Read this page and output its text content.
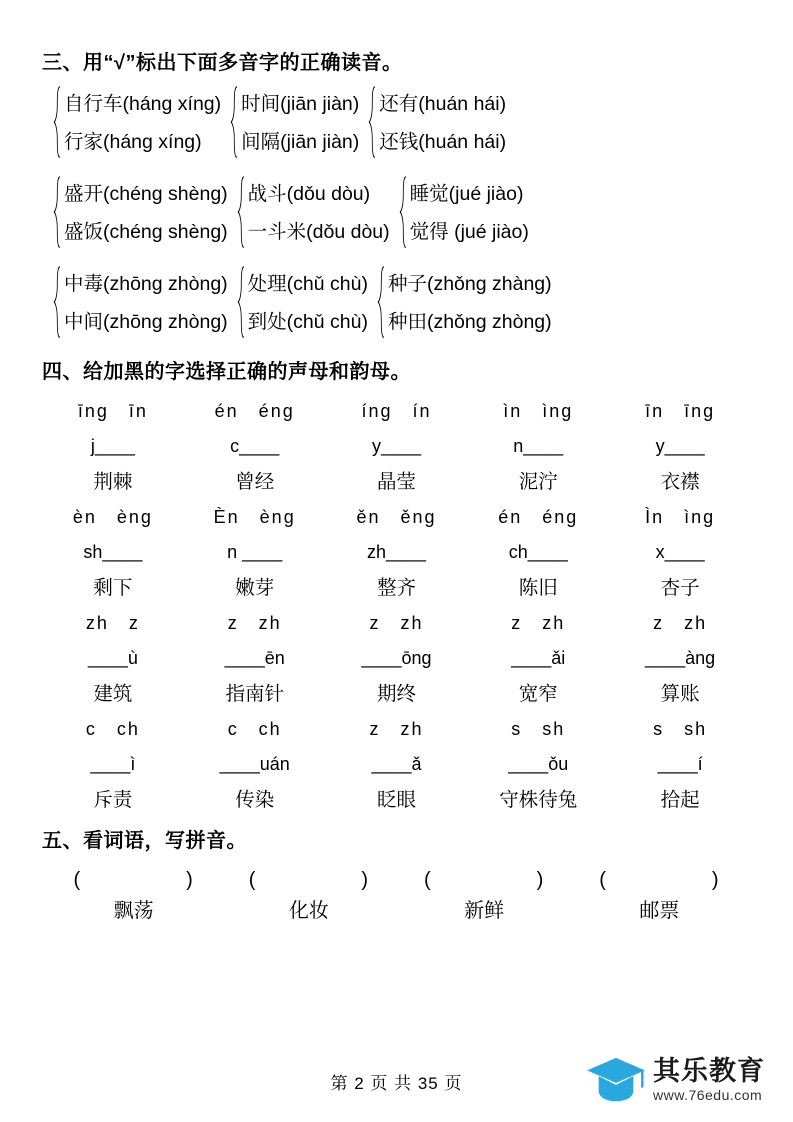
三、用“√”标出下面多音字的正确读音。
自行车(háng xíng)
行家(háng xíng)
时间(jiān jiàn)
间隔(jiān jiàn)
还有(huán hái)
还钱(huán hái)
盛开(chéng shèng)
盛饭(chéng shèng)
战斗(dǒu dòu)
一斗米(dǒu dòu)
睡觉(jué jiào)
觉得 (jué jiào)
中毒(zhōng zhòng)
中间(zhōng zhòng)
处理(chǔ chù)
到处(chǔ chù)
种子(zhǒng zhàng)
种田(zhǒng zhòng)
四、给加黑的字选择正确的声母和韵母。
īng　īn	én　éng	íng　ín	ìn　ìng	īn　īng
j____	c____	y____	n____	y____
荆棘	曾经	晶莹	泥泞	衣襟
èn　èng	Èn　èng	ěn　ěng	én　éng	Ìn　ìng
sh____	n ____	zh____	ch____	x____
剩下	嫩芽	整齐	陈旧	杏子
zh　z	z　zh	z　zh	z　zh	z　zh
____ù	____ēn	____ōng	____ǎi	____àng
建筑	指南针	期终	宽窄	算账
c　ch	c　ch	z　zh	s　sh	s　sh
____ì	____uán	____ǎ	____ǒu	____í
斥责	传染	眨眼	守株待兔	拾起
五、看词语，写拼音。
(　　　　　)	(　　　　　)	(　　　　　)	(　　　　　)
飘荡	化妆	新鲜	邮票
第 2 页 共 35 页	其乐教育
www.76edu.com
